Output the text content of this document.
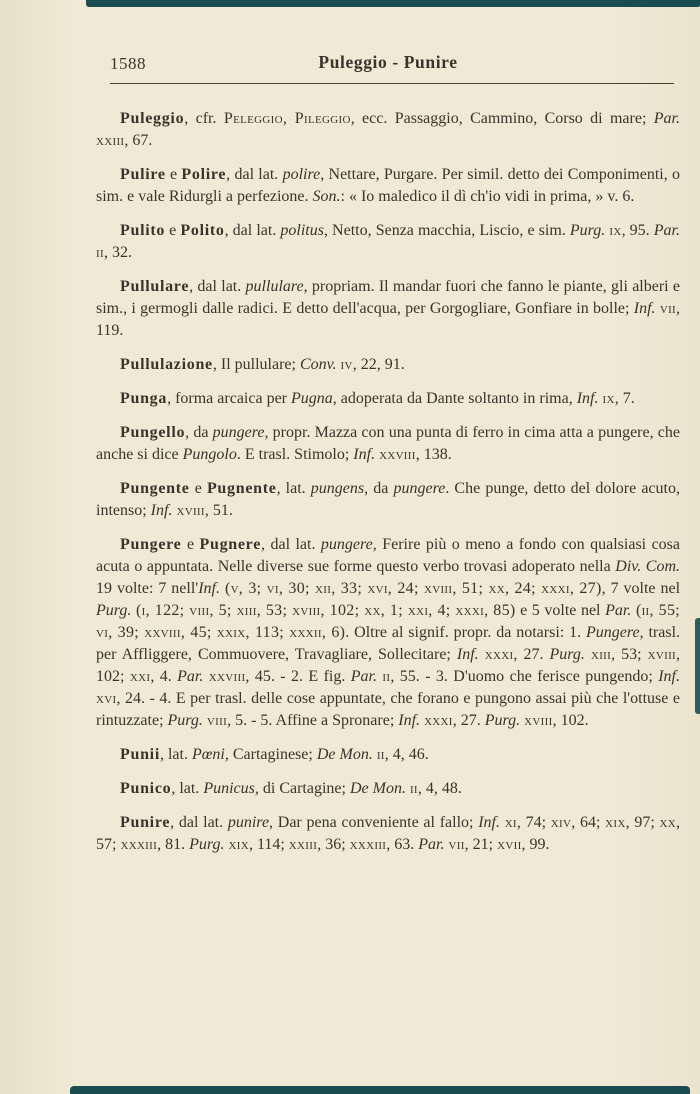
1588	Puleggio - Punire

Puleggio, cfr. Peleggio, Pileggio, ecc. Passaggio, Cammino, Corso di mare; Par. xxiii, 67.

Pulire e Polire, dal lat. polire, Nettare, Purgare. Per simil. detto dei Componimenti, o sim. e vale Ridurgli a perfezione. Son.: « Io maledico il dì ch'io vidi in prima, » v. 6.

Pulito e Polito, dal lat. politus, Netto, Senza macchia, Liscio, e sim. Purg. ix, 95. Par. ii, 32.

Pullulare, dal lat. pullulare, propriam. Il mandar fuori che fanno le piante, gli alberi e sim., i germogli dalle radici. E detto dell'acqua, per Gorgogliare, Gonfiare in bolle; Inf. vii, 119.

Pullulazione, Il pullulare; Conv. iv, 22, 91.

Punga, forma arcaica per Pugna, adoperata da Dante soltanto in rima, Inf. ix, 7.

Pungello, da pungere, propr. Mazza con una punta di ferro in cima atta a pungere, che anche si dice Pungolo. E trasl. Stimolo; Inf. xxviii, 138.

Pungente e Pugnente, lat. pungens, da pungere. Che punge, detto del dolore acuto, intenso; Inf. xviii, 51.

Pungere e Pugnere, dal lat. pungere, Ferire più o meno a fondo con qualsiasi cosa acuta o appuntata. Nelle diverse sue forme questo verbo trovasi adoperato nella Div. Com. 19 volte: 7 nell'Inf. (v, 3; vi, 30; xii, 33; xvi, 24; xviii, 51; xx, 24; xxxi, 27), 7 volte nel Purg. (i, 122; viii, 5; xiii, 53; xviii, 102; xx, 1; xxi, 4; xxxi, 85) e 5 volte nel Par. (ii, 55; vi, 39; xxviii, 45; xxix, 113; xxxii, 6). Oltre al signif. propr. da notarsi: 1. Pungere, trasl. per Affliggere, Commuovere, Travagliare, Sollecitare; Inf. xxxi, 27. Purg. xiii, 53; xviii, 102; xxi, 4. Par. xxviii, 45. - 2. E fig. Par. ii, 55. - 3. D'uomo che ferisce pungendo; Inf. xvi, 24. - 4. E per trasl. delle cose appuntate, che forano e pungono assai più che l'ottuse e rintuzzate; Purg. viii, 5. - 5. Affine a Spronare; Inf. xxxi, 27. Purg. xviii, 102.

Punii, lat. Pœni, Cartaginese; De Mon. ii, 4, 46.

Punico, lat. Punicus, di Cartagine; De Mon. ii, 4, 48.

Punire, dal lat. punire, Dar pena conveniente al fallo; Inf. xi, 74; xiv, 64; xix, 97; xx, 57; xxxiii, 81. Purg. xix, 114; xxiii, 36; xxxiii, 63. Par. vii, 21; xvii, 99.
